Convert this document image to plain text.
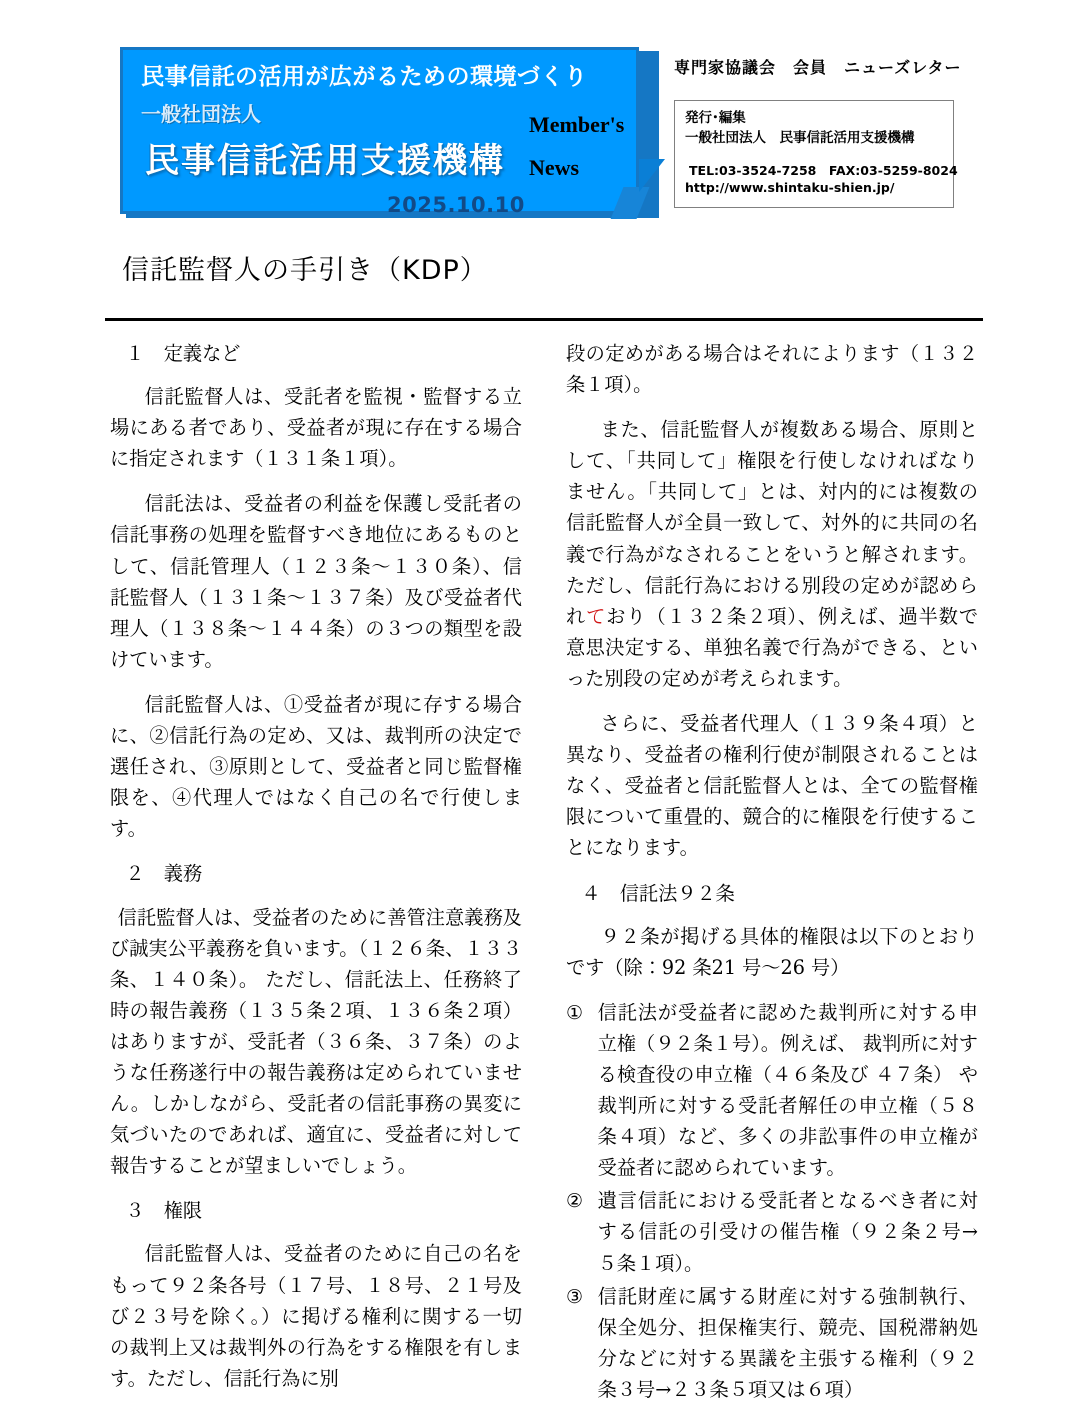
民事信託の活用が広がるための環境づくり
一般社団法人
民事信託活用支援機構
2025.10.10
Member's
News
専門家協議会　会員　ニューズレター
発行･編集
一般社団法人　民事信託活用支援機構
TEL:03-3524-7258　FAX:03-5259-8024
http://www.shintaku-shien.jp/
信託監督人の手引き（KDP）

１　定義など

信託監督人は、受託者を監視・監督する立場にある者であり、受益者が現に存在する場合に指定されます（１３１条１項）。

信託法は、受益者の利益を保護し受託者の信託事務の処理を監督すべき地位にあるものとして、信託管理人（１２３条～１３０条）、信託監督人（１３１条～１３７条）及び受益者代理人（１３８条～１４４条）の３つの類型を設けています。

信託監督人は、①受益者が現に存する場合に、②信託行為の定め、又は、裁判所の決定で選任され、③原則として、受益者と同じ監督権限を、④代理人ではなく自己の名で行使します。

２　義務

信託監督人は、受益者のために善管注意義務及び誠実公平義務を負います。（１２６条、１３３条、１４０条）。 ただし、信託法上、任務終了時の報告義務（１３５条２項、１３６条２項）はありますが、受託者（３６条、３７条）のような任務遂行中の報告義務は定められていません。しかしながら、受託者の信託事務の異変に気づいたのであれば、適宜に、受益者に対して報告することが望ましいでしょう。

３　権限

信託監督人は、受益者のために自己の名をもって９２条各号（１７号、１８号、２１号及び２３号を除く。）に掲げる権利に関する一切の裁判上又は裁判外の行為をする権限を有します。ただし、信託行為に別

段の定めがある場合はそれによります（１３２条１項）。

また、信託監督人が複数ある場合、原則として、「共同して」権限を行使しなければなりません。「共同して」とは、対内的には複数の信託監督人が全員一致して、対外的に共同の名義で行為がなされることをいうと解されます。ただし、信託行為における別段の定めが認められており（１３２条２項）、例えば、過半数で意思決定する、単独名義で行為ができる、といった別段の定めが考えられます。

さらに、受益者代理人（１３９条４項）と異なり、受益者の権利行使が制限されることはなく、受益者と信託監督人とは、全ての監督権限について重畳的、競合的に権限を行使することになります。

４　信託法９２条

９２条が掲げる具体的権限は以下のとおりです（除：92 条21 号～26 号）

① 信託法が受益者に認めた裁判所に対する申立権（９２条１号）。例えば、 裁判所に対する検査役の申立権（４６条及び ４７条） や裁判所に対する受託者解任の申立権（５８条４項）など、多くの非訟事件の申立権が受益者に認められています。
② 遺言信託における受託者となるべき者に対する信託の引受けの催告権（９２条２号→５条１項）。
③ 信託財産に属する財産に対する強制執行、保全処分、担保権実行、競売、国税滞納処分などに対する異議を主張する権利（９２条３号→２３条５項又は６項）
